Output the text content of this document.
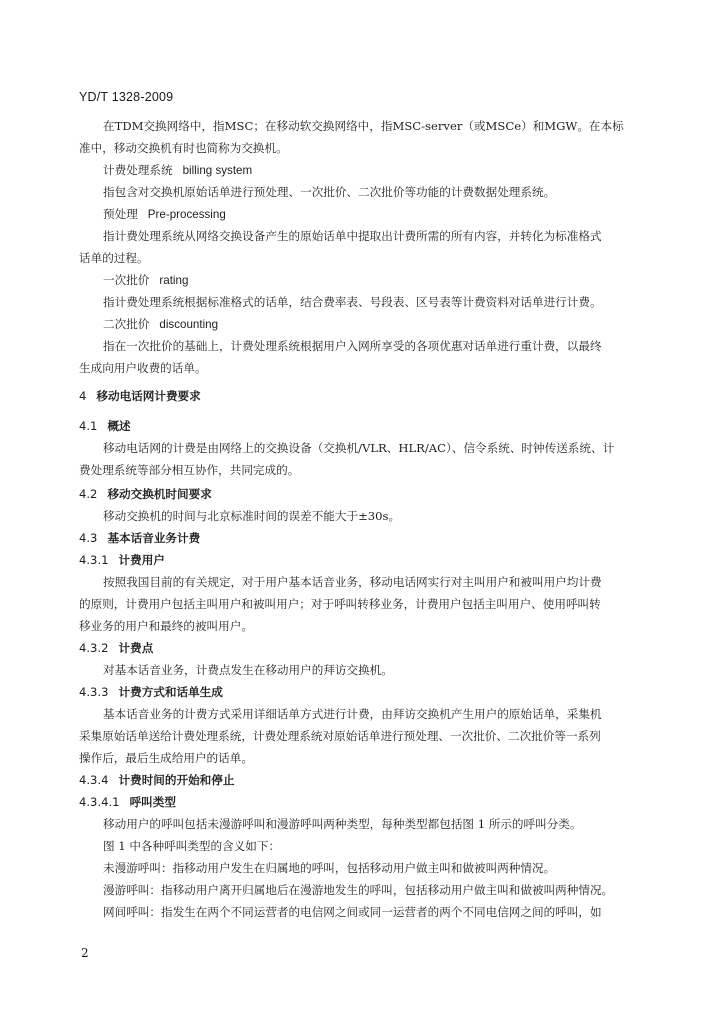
YD/T 1328-2009
在TDM交换网络中，指MSC；在移动软交换网络中，指MSC-server（或MSCe）和MGW。在本标
准中，移动交换机有时也简称为交换机。
计费处理系统 billing system
指包含对交换机原始话单进行预处理、一次批价、二次批价等功能的计费数据处理系统。
预处理 Pre-processing
指计费处理系统从网络交换设备产生的原始话单中提取出计费所需的所有内容，并转化为标准格式
话单的过程。
一次批价 rating
指计费处理系统根据标准格式的话单，结合费率表、号段表、区号表等计费资料对话单进行计费。
二次批价 discounting
指在一次批价的基础上，计费处理系统根据用户入网所享受的各项优惠对话单进行重计费，以最终
生成向用户收费的话单。
4 移动电话网计费要求
4.1 概述
移动电话网的计费是由网络上的交换设备（交换机/VLR、HLR/AC）、信令系统、时钟传送系统、计
费处理系统等部分相互协作，共同完成的。
4.2 移动交换机时间要求
移动交换机的时间与北京标准时间的误差不能大于±30s。
4.3 基本话音业务计费
4.3.1 计费用户
按照我国目前的有关规定，对于用户基本话音业务，移动电话网实行对主叫用户和被叫用户均计费
的原则，计费用户包括主叫用户和被叫用户；对于呼叫转移业务，计费用户包括主叫用户、使用呼叫转
移业务的用户和最终的被叫用户。
4.3.2 计费点
对基本话音业务，计费点发生在移动用户的拜访交换机。
4.3.3 计费方式和话单生成
基本话音业务的计费方式采用详细话单方式进行计费，由拜访交换机产生用户的原始话单，采集机
采集原始话单送给计费处理系统，计费处理系统对原始话单进行预处理、一次批价、二次批价等一系列
操作后，最后生成给用户的话单。
4.3.4 计费时间的开始和停止
4.3.4.1 呼叫类型
移动用户的呼叫包括未漫游呼叫和漫游呼叫两种类型，每种类型都包括图 1 所示的呼叫分类。
图 1 中各种呼叫类型的含义如下：
未漫游呼叫：指移动用户发生在归属地的呼叫，包括移动用户做主叫和做被叫两种情况。
漫游呼叫：指移动用户离开归属地后在漫游地发生的呼叫，包括移动用户做主叫和做被叫两种情况。
网间呼叫：指发生在两个不同运营者的电信网之间或同一运营者的两个不同电信网之间的呼叫，如
2
